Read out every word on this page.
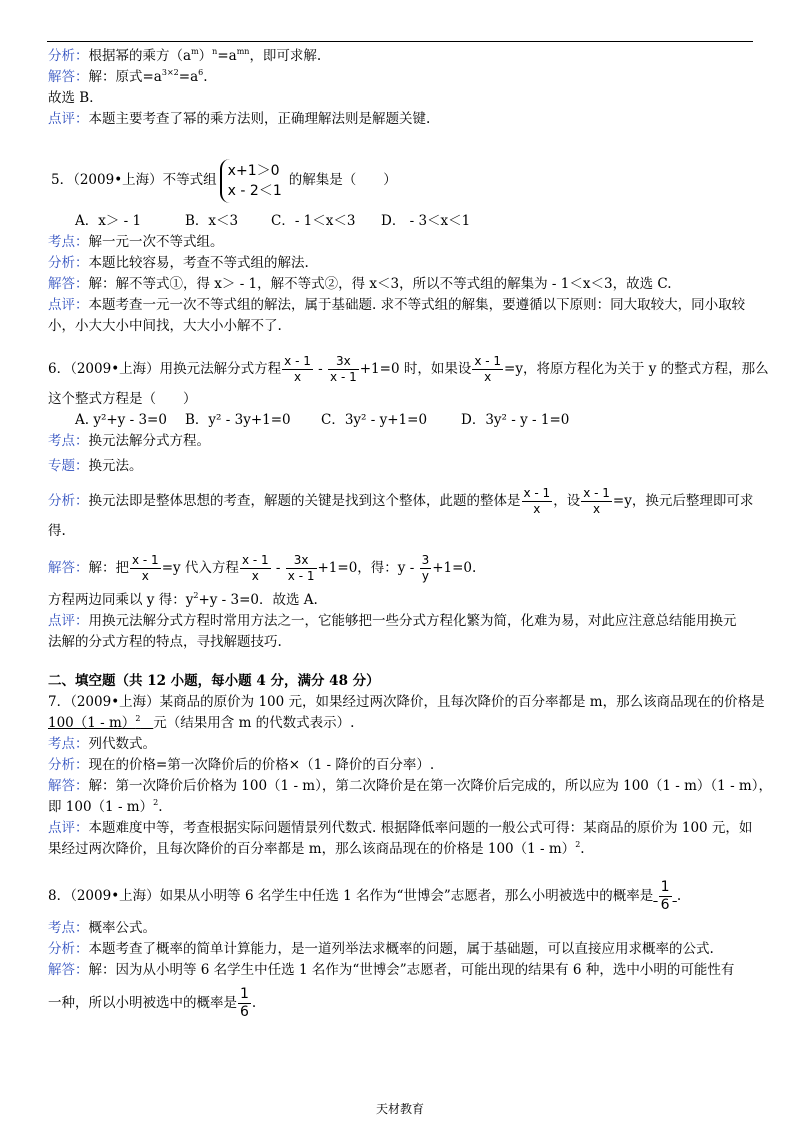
分析：根据幂的乘方$(a^m)^n=a^{mn}$，即可求解.
解答：解：原式$=a^{3\times 2}=a^6$.
故选 B．
点评：本题主要考查了幂的乘方法则，正确理解法则是解题关键.
5．（2009•上海）不等式组
x+1＞0
x - 2＜1
的解集是（　　）
A．x＞ - 1	B．x＜3 C．- 1＜x＜3 D． - 3＜x＜1
考点：解一元一次不等式组。
分析：本题比较容易，考查不等式组的解法.
解答：解：解不等式①，得 x＞ - 1，解不等式②，得 x＜3，所以不等式组的解集为 - 1＜x＜3，故选 C.
点评：本题考查一元一次不等式组的解法，属于基础题. 求不等式组的解集，要遵循以下原则：同大取较大，同小取较
小，小大大小中间找，大大小小解不了.
6．（2009•上海）用换元法解分式方程 $\frac{x - 1}{x} - \frac{3x}{x - 1} +1=0$ 时，如果设 $\frac{x - 1}{x} =y$，将原方程化为关于 y 的整式方程，那么
这个整式方程是（　　）
A. y²+y - 3=0 B．y² - 3y+1=0 C．3y² - y+1=0	D．3y² - y - 1=0
考点：换元法解分式方程。
专题：换元法。
分析：换元法即是整体思想的考查，解题的关键是找到这个整体，此题的整体是 $\frac{x - 1}{x}$ ，设 $\frac{x - 1}{x} =y$，换元后整理即可求
得.
解答：解：把 $\frac{x - 1}{x} =y$ 代入方程 $\frac{x - 1}{x} - \frac{3x}{x - 1} +1=0$，得：$y - \frac{3}{y} +1=0$.
方程两边同乘以 y 得：$y^2+y - 3=0$．故选 A.
点评：用换元法解分式方程时常用方法之一，它能够把一些分式方程化繁为简，化难为易，对此应注意总结能用换元
法解的分式方程的特点，寻找解题技巧.
二、填空题（共 12 小题，每小题 4 分，满分 48 分）
7．（2009•上海）某商品的原价为 100 元，如果经过两次降价，且每次降价的百分率都是 m，那么该商品现在的价格是
100（1 - m）$^2$ 元（结果用含 m 的代数式表示）.
考点：列代数式。
分析：现在的价格=第一次降价后的价格×（1 - 降价的百分率）.
解答：解：第一次降价后价格为 100（1 - m），第二次降价是在第一次降价后完成的，所以应为 100（1 - m）（1 - m），
即 100（1 - m）$^2$.
点评：本题难度中等，考查根据实际问题情景列代数式. 根据降低率问题的一般公式可得：某商品的原价为 100 元，如
果经过两次降价，且每次降价的百分率都是 m，那么该商品现在的价格是 100（1 - m）$^2$.
8．（2009•上海）如果从小明等 6 名学生中任选 1 名作为“世博会”志愿者，那么小明被选中的概率是 $\frac{1}{6}$ .
考点：概率公式。
分析：本题考查了概率的简单计算能力，是一道列举法求概率的问题，属于基础题，可以直接应用求概率的公式.
解答：解：因为从小明等 6 名学生中任选 1 名作为“世博会”志愿者，可能出现的结果有 6 种，选中小明的可能性有
一种，所以小明被选中的概率是 $\frac{1}{6}$ .
天材教育
